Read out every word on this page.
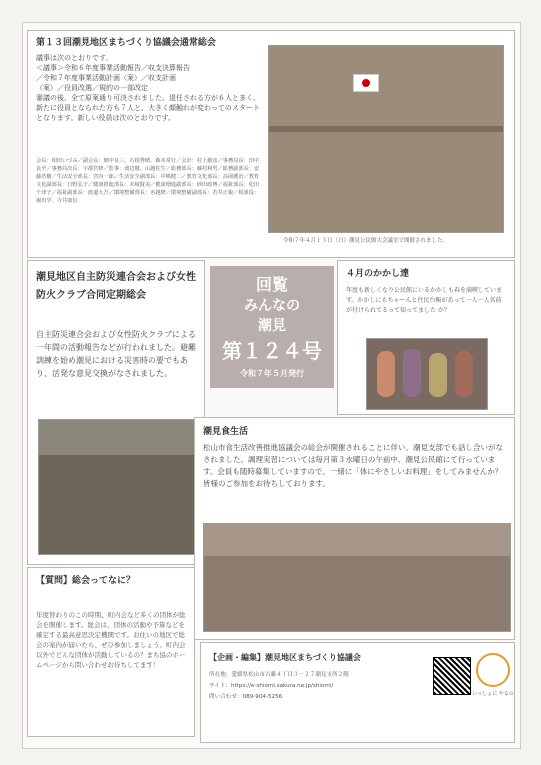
第１３回潮見地区まちづくり協議会通常総会
議事は次のとおりです。
＜議事＞令和６年度事業活動報告／収支決算報告
／令和７年度事業活動計画（案）／収支計画
（案）／役員改選／規約の一部改定
審議の後、全て原案通り可決されました。退任される方が６人と多く、新たに役員となられた方も７人と、大きく顔触れが変わってのスタートとなります。新しい役員は次のとおりです。
会長：相田いづみ／副会長：畑中良三、石根秀晴、森本常行／会計：村上敏彦／事務局長：田中良至／事務局次長：宇都宮修／監事：渡辺徹、山越佐生／総務部長：藤村和男／総務副部長：安藤浩樹／生活安全部長：宮内一郎／生活安全副部長：中嶋健二／教育文化部長：高岡護治／教育文化副部長：日野弘子／健康推進部長：末崎賢美／健康増進副部長：砂田政博／福祉部長：松田千津子／福祉副部長：渡邊大吾／環境整備部長：名越修／環境整備副部長：若井正俊／相談役：堀出学、寺井康信
令和７年４月１３日（日）潮見公民館大会議室で開催されました。
潮見地区自主防災連合会および女性防火クラブ合同定期総会
自主防災連合会および女性防火クラブによる一年間の活動報告などが行われました。避難訓練を始め潮見における災害時の要でもあり、活発な意見交換がなされました。
回覧
みんなの
潮見
第１２４号
令和７年５月発行
４月のかかし達
年度も新しくなり公民館にいるかかしも春を満喫しています。かかしにもちゃーんと住民台帳があって一人一人名前が付けられてるって知ってました か？
潮見食生活
松山市食生活改善推進協議会の総会が開催されることに伴い、潮見支部でも話し合いがなされました。調理実習については毎月第３水曜日の午前中、潮見公民館にて行っています。会員も随時募集していますので、一緒に「体にやさしいお料理」をしてみませんか？皆様のご参加をお待ちしております。
【質問】総会ってなに？
年度替わりのこの時期、町内会など多くの団体が総会を開催します。総会は、団体の活動や予算などを確定する最高意思決定機関です。お住いの地区で総会の案内が届いたら、ぜひ参加しましょう。町内会以外でどんな団体が活動しているの？まち協のホームページから問い合わせお待ちしてます！
【企画・編集】潮見地区まちづくり協議会
所在地：愛媛県松山市吉藤４丁目３－２７潮見支所２階
サイト：https://e-shiomi.sakura.ne.jp/shiomi/
問い合わせ：089-904-5256	いっしょに やるの
